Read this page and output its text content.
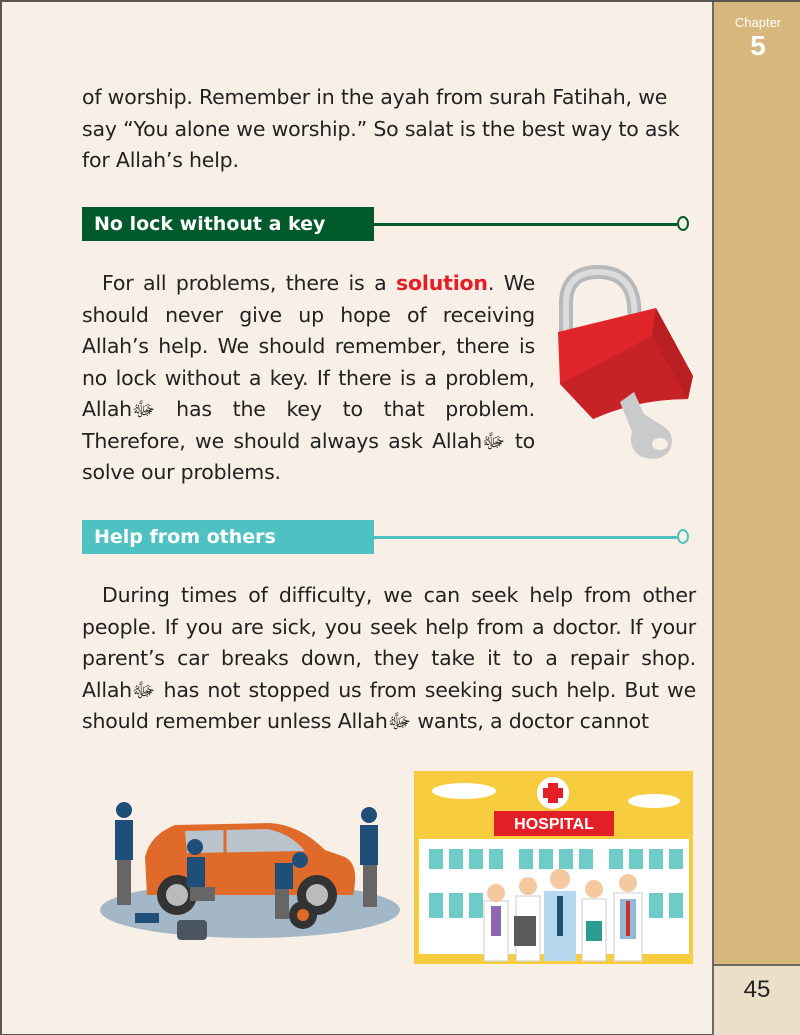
Chapter
5
45

of worship. Remember in the ayah from surah Fatihah, we say “You alone we worship.” So salat is the best way to ask for Allah’s help.

No lock without a key

For all problems, there is a solution. We should never give up hope of receiving Allah’s help. We should remember, there is no lock without a key. If there is a problem, Allahﷻ has the key to that problem. Therefore, we should always ask Allahﷻ to solve our problems.

Help from others

During times of difficulty, we can seek help from other people. If you are sick, you seek help from a doctor. If your parent’s car breaks down, they take it to a repair shop. Allahﷻ has not stopped us from seeking such help. But we should remember unless Allahﷻ wants, a doctor cannot

HOSPITAL
